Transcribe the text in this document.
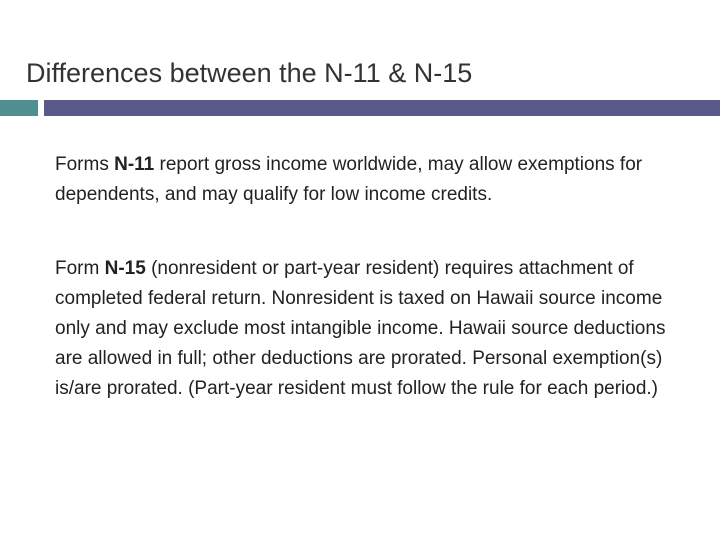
Differences between the N-11 & N-15

Forms N-11 report gross income worldwide, may allow exemptions for dependents, and may qualify for low income credits.

Form N-15 (nonresident or part-year resident) requires attachment of completed federal return. Nonresident is taxed on Hawaii source income only and may exclude most intangible income. Hawaii source deductions are allowed in full; other deductions are prorated. Personal exemption(s) is/are prorated. (Part-year resident must follow the rule for each period.)
